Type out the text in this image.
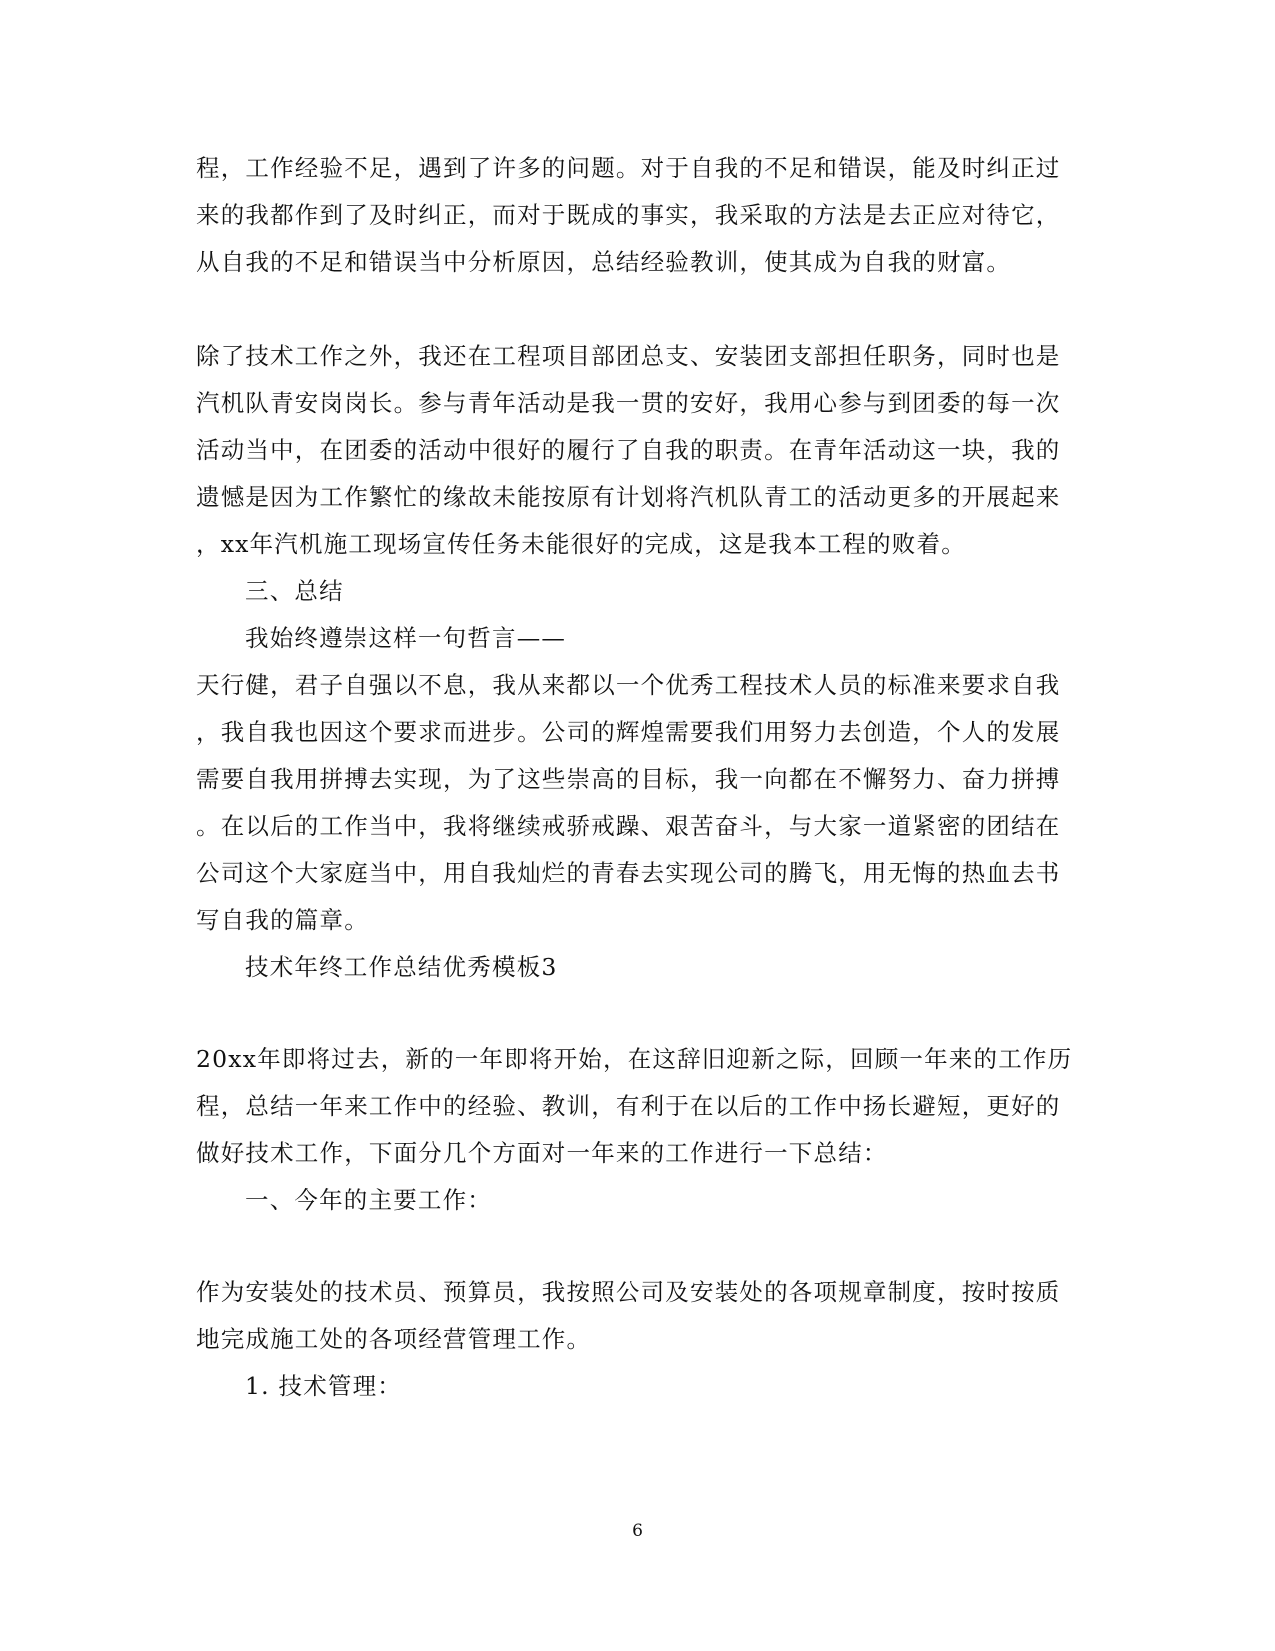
程，工作经验不足，遇到了许多的问题。对于自我的不足和错误，能及时纠正过
来的我都作到了及时纠正，而对于既成的事实，我采取的方法是去正应对待它，
从自我的不足和错误当中分析原因，总结经验教训，使其成为自我的财富。
除了技术工作之外，我还在工程项目部团总支、安装团支部担任职务，同时也是
汽机队青安岗岗长。参与青年活动是我一贯的安好，我用心参与到团委的每一次
活动当中，在团委的活动中很好的履行了自我的职责。在青年活动这一块，我的
遗憾是因为工作繁忙的缘故未能按原有计划将汽机队青工的活动更多的开展起来
，xx年汽机施工现场宣传任务未能很好的完成，这是我本工程的败着。
三、总结
我始终遵崇这样一句哲言——
天行健，君子自强以不息，我从来都以一个优秀工程技术人员的标准来要求自我
，我自我也因这个要求而进步。公司的辉煌需要我们用努力去创造，个人的发展
需要自我用拼搏去实现，为了这些崇高的目标，我一向都在不懈努力、奋力拼搏
。在以后的工作当中，我将继续戒骄戒躁、艰苦奋斗，与大家一道紧密的团结在
公司这个大家庭当中，用自我灿烂的青春去实现公司的腾飞，用无悔的热血去书
写自我的篇章。
技术年终工作总结优秀模板3
20xx年即将过去，新的一年即将开始，在这辞旧迎新之际，回顾一年来的工作历
程，总结一年来工作中的经验、教训，有利于在以后的工作中扬长避短，更好的
做好技术工作，下面分几个方面对一年来的工作进行一下总结：
一、今年的主要工作：
作为安装处的技术员、预算员，我按照公司及安装处的各项规章制度，按时按质
地完成施工处的各项经营管理工作。
1. 技术管理：
6
